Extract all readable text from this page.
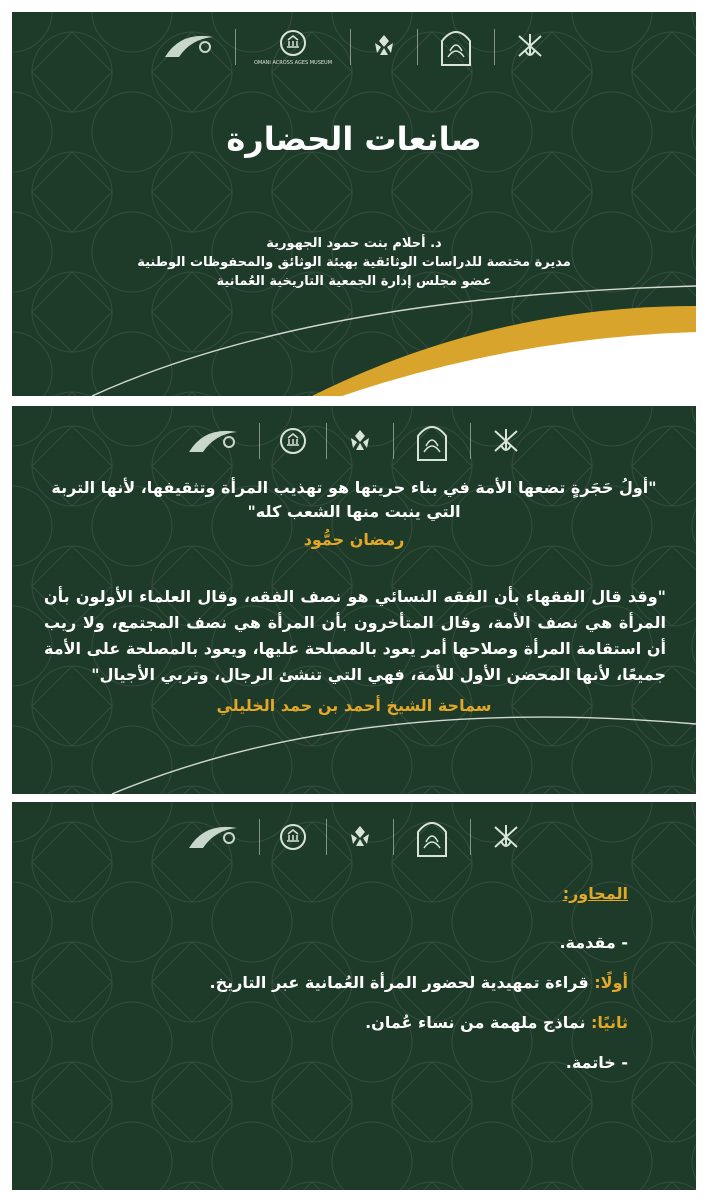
OMANI ACROSS AGES MUSEUM
صانعات الحضارة
د. أحلام بنت حمود الجهورية
مديرة مختصة للدراسات الوثائقية بهيئة الوثائق والمحفوظات الوطنية
عضو مجلس إدارة الجمعية التاريخية العُمانية
"أولُ حَجَرةٍ تضعها الأمة في بناء حريتها هو تهذيب المرأة وتثقيفها، لأنها التربة
التي ينبت منها الشعب كله"
رمضان حمُّود
"وقد قال الفقهاء بأن الفقه النسائي هو نصف الفقه، وقال العلماء الأولون بأن المرأة هي نصف الأمة، وقال المتأخرون بأن المرأة هي نصف المجتمع، ولا ريب أن استقامة المرأة وصلاحها أمر يعود بالمصلحة عليها، ويعود بالمصلحة على الأمة جميعًا، لأنها المحضن الأول للأمة، فهي التي تنشئ الرجال، وتربي الأجيال"
سماحة الشيخ أحمد بن حمد الخليلي
المحاور:
- مقدمة.
أولًا: قراءة تمهيدية لحضور المرأة العُمانية عبر التاريخ.
ثانيًا: نماذج ملهمة من نساء عُمان.
- خاتمة.
